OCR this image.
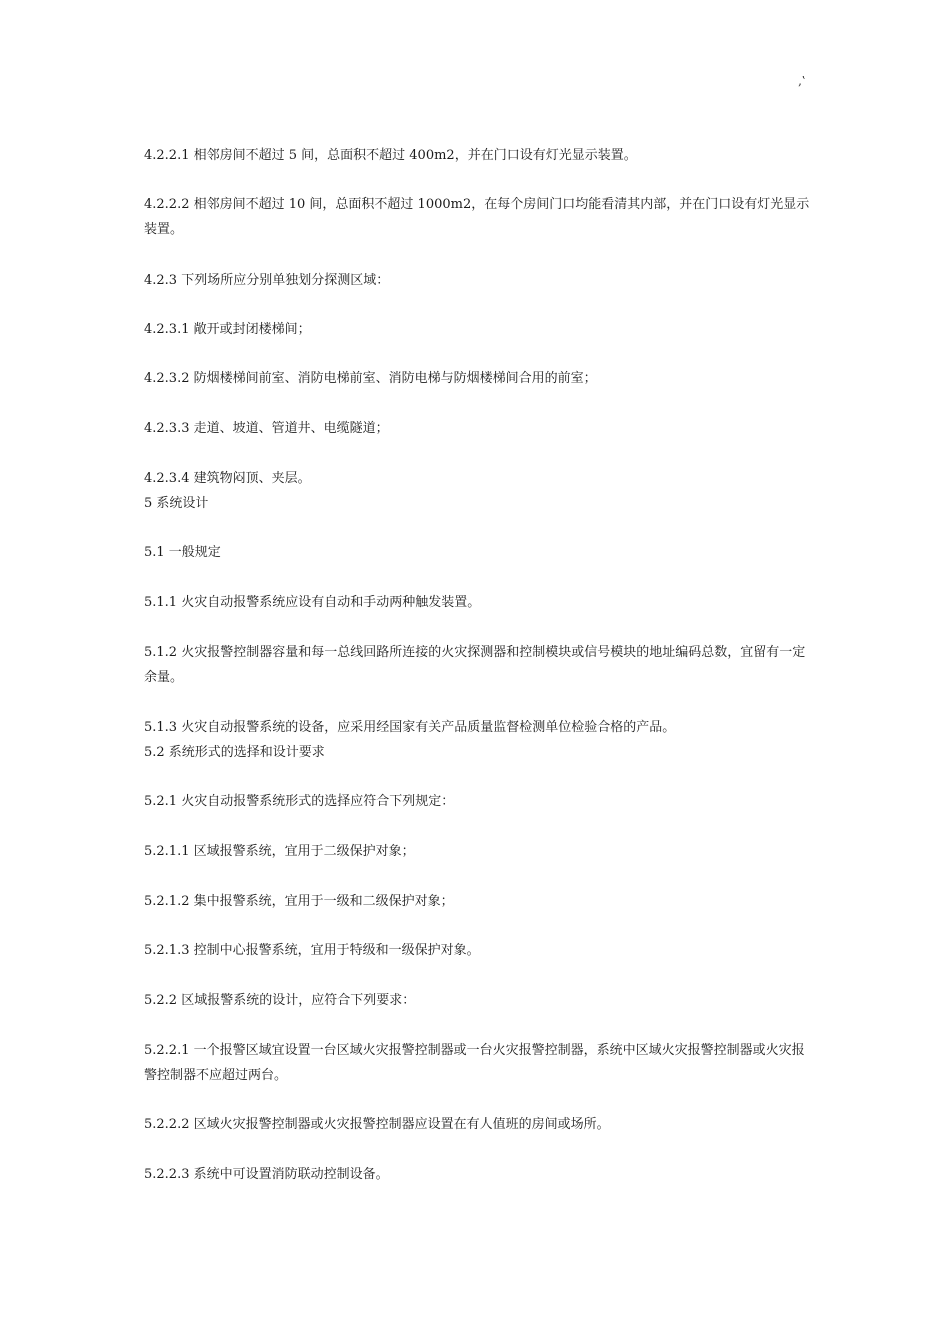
‚‛
4.2.2.1 相邻房间不超过 5 间，总面积不超过 400m2，并在门口设有灯光显示装置。
4.2.2.2 相邻房间不超过 10 间，总面积不超过 1000m2，在每个房间门口均能看清其内部，并在门口设有灯光显示装置。
4.2.3 下列场所应分别单独划分探测区域：
4.2.3.1 敞开或封闭楼梯间；
4.2.3.2 防烟楼梯间前室、消防电梯前室、消防电梯与防烟楼梯间合用的前室；
4.2.3.3 走道、坡道、管道井、电缆隧道；
4.2.3.4 建筑物闷顶、夹层。
5 系统设计
5.1 一般规定
5.1.1 火灾自动报警系统应设有自动和手动两种触发装置。
5.1.2 火灾报警控制器容量和每一总线回路所连接的火灾探测器和控制模块或信号模块的地址编码总数，宜留有一定余量。
5.1.3 火灾自动报警系统的设备，应采用经国家有关产品质量监督检测单位检验合格的产品。
5.2 系统形式的选择和设计要求
5.2.1 火灾自动报警系统形式的选择应符合下列规定：
5.2.1.1 区域报警系统，宜用于二级保护对象；
5.2.1.2 集中报警系统，宜用于一级和二级保护对象；
5.2.1.3 控制中心报警系统，宜用于特级和一级保护对象。
5.2.2 区域报警系统的设计，应符合下列要求：
5.2.2.1 一个报警区域宜设置一台区域火灾报警控制器或一台火灾报警控制器，系统中区域火灾报警控制器或火灾报警控制器不应超过两台。
5.2.2.2 区域火灾报警控制器或火灾报警控制器应设置在有人值班的房间或场所。
5.2.2.3 系统中可设置消防联动控制设备。
